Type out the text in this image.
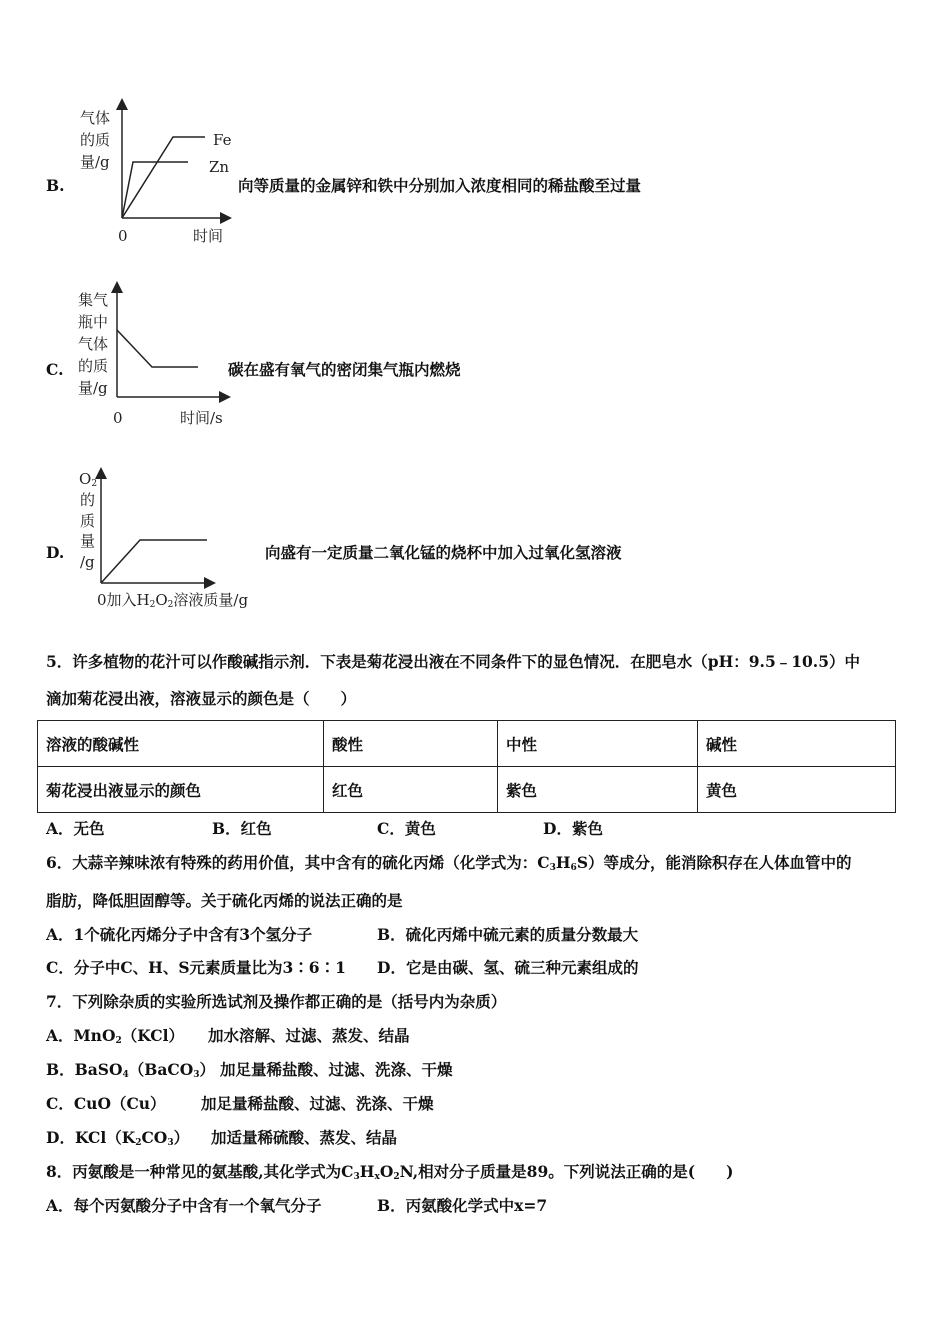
B.
气体
的质
量/g
Fe
Zn
0	时间
向等质量的金属锌和铁中分别加入浓度相同的稀盐酸至过量
C.
集气
瓶中
气体
的质
量/g
0	时间/s
碳在盛有氧气的密闭集气瓶内燃烧
D.
$O_2$
的
质
量
/g
0加入$H_2O_2$溶液质量/g
向盛有一定质量二氧化锰的烧杯中加入过氧化氢溶液
5．许多植物的花汁可以作酸碱指示剂．下表是菊花浸出液在不同条件下的显色情况．在肥皂水（pH：9.5﹣10.5）中
滴加菊花浸出液，溶液显示的颜色是（　　）
溶液的酸碱性	酸性	中性	碱性
菊花浸出液显示的颜色	红色	紫色	黄色
A．无色	B．红色	C．黄色	D．紫色
6．大蒜辛辣味浓有特殊的药用价值，其中含有的硫化丙烯（化学式为：$C_3H_6S$）等成分，能消除积存在人体血管中的
脂肪，降低胆固醇等。关于硫化丙烯的说法正确的是
A．1个硫化丙烯分子中含有3个氢分子	B．硫化丙烯中硫元素的质量分数最大
C．分子中C、H、S元素质量比为3∶6∶1 D．它是由碳、氢、硫三种元素组成的
7．下列除杂质的实验所选试剂及操作都正确的是（括号内为杂质）
A．MnO$_2$（KCl） 加水溶解、过滤、蒸发、结晶
B．BaSO$_4$（BaCO$_3$） 加足量稀盐酸、过滤、洗涤、干燥
C．CuO（Cu） 加足量稀盐酸、过滤、洗涤、干燥
D．$KCl(K_2CO_3)$ 加适量稀硫酸、蒸发、结晶
8．丙氨酸是一种常见的氨基酸,其化学式为$C_3H_xO_2N$,相对分子质量是89。下列说法正确的是(　　)
A．每个丙氨酸分子中含有一个氧气分子	B．丙氨酸化学式中x=7
